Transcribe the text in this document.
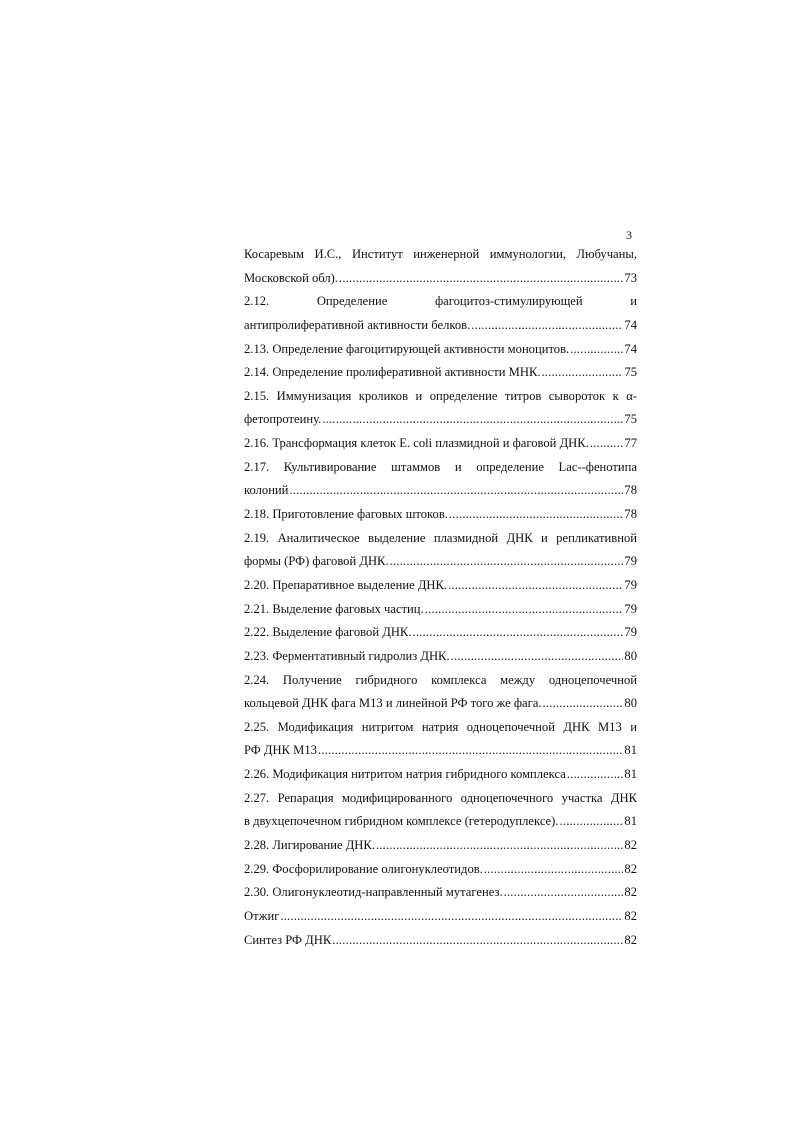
3
Косаревым И.С., Институт инженерной иммунологии, Любучаны,
Московской обл). .....	73
2.12. Определение фагоцитоз-стимулирующей и
антипролиферативной активности белков. .....	74
2.13. Определение фагоцитирующей активности моноцитов. .....	74
2.14. Определение пролиферативной активности МНК. .....	75
2.15. Иммунизация кроликов и определение титров сывороток к α-
фетопротеину. .....	75
2.16. Трансформация клеток E. coli плазмидной и фаговой ДНК. .....	77
2.17. Культивирование штаммов и определение Lac--фенотипа
колоний .....	78
2.18. Приготовление фаговых штоков. .....	78
2.19. Аналитическое выделение плазмидной ДНК и репликативной
формы (РФ) фаговой ДНК. .....	79
2.20. Препаративное выделение ДНК. .....	79
2.21. Выделение фаговых частиц. .....	79
2.22. Выделение фаговой ДНК. .....	79
2.23. Ферментативный гидролиз ДНК. .....	80
2.24. Получение гибридного комплекса между одноцепочечной
кольцевой ДНК фага М13 и линейной РФ того же фага. .....	80
2.25. Модификация нитритом натрия одноцепочечной ДНК М13 и
РФ ДНК М13 .....	81
2.26. Модификация нитритом натрия гибридного комплекса .....	81
2.27. Репарация модифицированного одноцепочечного участка ДНК
в двухцепочечном гибридном комплексе (гетеродуплексе). .....	81
2.28. Лигирование ДНК. .....	82
2.29. Фосфорилирование олигонуклеотидов. .....	82
2.30. Олигонуклеотид-направленный мутагенез. .....	82
Отжиг .....	82
Синтез РФ ДНК .....	82
